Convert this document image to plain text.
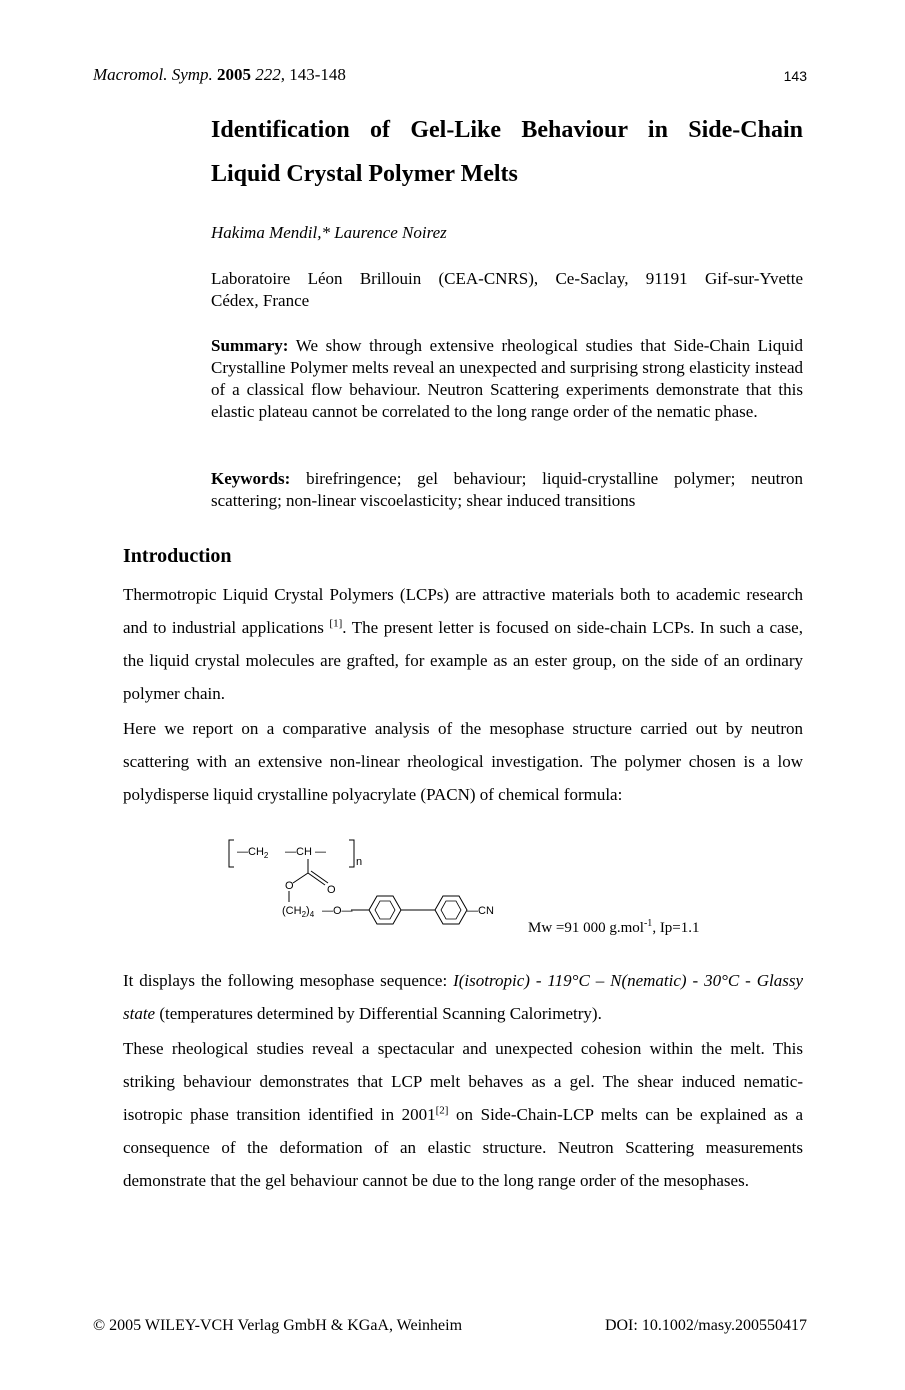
Macromol. Symp. 2005 222, 143-148	143
Identification of Gel-Like Behaviour in Side-Chain
Liquid Crystal Polymer Melts
Hakima Mendil,* Laurence Noirez
Laboratoire Léon Brillouin (CEA-CNRS), Ce-Saclay, 91191 Gif-sur-Yvette
Cédex, France
Summary: We show through extensive rheological studies that Side-Chain Liquid Crystalline Polymer melts reveal an unexpected and surprising strong elasticity instead of a classical flow behaviour. Neutron Scattering experiments demonstrate that this elastic plateau cannot be correlated to the long range order of the nematic phase.
Keywords: birefringence; gel behaviour; liquid-crystalline polymer; neutron scattering; non-linear viscoelasticity; shear induced transitions
Introduction
Thermotropic Liquid Crystal Polymers (LCPs) are attractive materials both to academic research and to industrial applications [1]. The present letter is focused on side-chain LCPs. In such a case, the liquid crystal molecules are grafted, for example as an ester group, on the side of an ordinary polymer chain.
Here we report on a comparative analysis of the mesophase structure carried out by neutron scattering with an extensive non-linear rheological investigation. The polymer chosen is a low polydisperse liquid crystalline polyacrylate (PACN) of chemical formula:
$—CH_2$ —CH —
n
O	O
$(CH_2)_4$ —O—	—CN
Mw =91 000 g.mol$^{-1}$, Ip=1.1
It displays the following mesophase sequence: I(isotropic) - 119°C – N(nematic) - 30°C - Glassy state (temperatures determined by Differential Scanning Calorimetry).
These rheological studies reveal a spectacular and unexpected cohesion within the melt. This striking behaviour demonstrates that LCP melt behaves as a gel. The shear induced nematic-isotropic phase transition identified in 2001[2] on Side-Chain-LCP melts can be explained as a consequence of the deformation of an elastic structure. Neutron Scattering measurements demonstrate that the gel behaviour cannot be due to the long range order of the mesophases.
© 2005 WILEY-VCH Verlag GmbH & KGaA, Weinheim	DOI: 10.1002/masy.200550417
